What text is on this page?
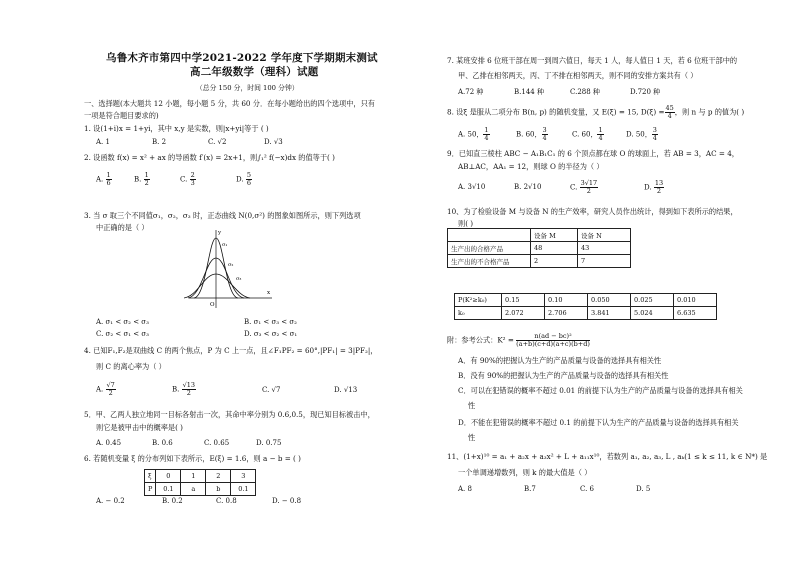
乌鲁木齐市第四中学2021-2022 学年度下学期期末测试
高二年级数学（理科）试题
（总分 150 分，时间 100 分钟）
一、选择题(本大题共 12 小题，每小题 5 分，共 60 分．在每小题给出的四个选项中，只有
一项是符合题目要求的)
1. 设(1+i)x = 1+yi，其中 x,y 是实数，则|x+yi|等于 ( )
A. 1	B. 2	C. √2	D. √3
2. 设函数 f(x) = x² + ax 的导函数 f′(x) = 2x+1，则∫₁² f(−x)dx 的值等于( )
A. $\frac{1}{6}$	B. $\frac{1}{2}$	C. $\frac{2}{3}$	D. $\frac{5}{6}$
3. 当 σ 取三个不同值σ₁，σ₂，σ₃ 时，正态曲线 N(0,σ²) 的图象如图所示，则下列选项
中正确的是（ ）
y
x
O
σ₁
σ₂
σ₃
A. σ₁ < σ₂ < σ₃	B. σ₁ < σ₃ < σ₂
C. σ₂ < σ₁ < σ₃	D. σ₃ < σ₂ < σ₁
4. 已知F₁,F₂是双曲线 C 的两个焦点，P 为 C 上一点，且∠F₁PF₂ = 60°,|PF₁| = 3|PF₂|，
则 C 的离心率为（ ）
A. $\frac{√7}{2}$	B. $\frac{√13}{2}$	C. √7	D. √13
5．甲、乙两人独立地同一目标各射击一次，其命中率分别为 0.6,0.5，现已知目标被击中，
则它是被甲击中的概率是( )
A. 0.45	B. 0.6	C. 0.65	D. 0.75
6. 若随机变量 ξ 的分布列如下表所示，E(ξ) = 1.6，则 a − b = ( )
ξ	0	1	2	3
P	0.1	a	b	0.1
A. − 0.2	B. 0.2	C. 0.8	D. − 0.8
7. 某班安排 6 位班干部在周一到周六值日，每天 1 人，每人值日 1 天，若 6 位班干部中的
甲、乙排在相邻两天，丙、丁不排在相邻两天，则不同的安排方案共有（ ）
A.72 种	B.144 种	C.288 种	D.720 种
8. 设ξ 是服从二项分布 B(n, p) 的随机变量，又 E(ξ) = 15, $D(\xi) = \frac{45}{4}$ ，则 n 与 p 的值为( )
A. 50， $\frac{1}{4}$	B. 60， $\frac{3}{4}$	C. 60， $\frac{1}{4}$	D. 50， $\frac{3}{4}$
9．已知直三棱柱 ABC − A₁B₁C₁ 的 6 个顶点都在球 O 的球面上，若 AB = 3，AC = 4，
AB⊥AC，AA₁ = 12，则球 O 的半径为（ ）
A. 3√10	B. 2√10	C. $\frac{3√17}{2}$	D. $\frac{13}{2}$
10、为了检验设备 M 与设备 N 的生产效率，研究人员作出统计，得到如下表所示的结果，
则( )
	设备 M	设备 N
生产出的合格产品	48	43
生产出的不合格产品	2	7
P(K²≥k₀)	0.15	0.10	0.050	0.025	0.010
k₀	2.072	2.706	3.841	5.024	6.635
附：参考公式：$K^2 = \frac{\text{n(ad − bc)²}}{(a+b)(c+d)(a+c)(b+d)}$
A．有 90%的把握认为生产的产品质量与设备的选择具有相关性
B．没有 90%的把握认为生产的产品质量与设备的选择具有相关性
C．可以在犯错误的概率不超过 0.01 的前提下认为生产的产品质量与设备的选择具有相关
性
D．不能在犯错误的概率不超过 0.1 的前提下认为生产的产品质量与设备的选择具有相关
性
11、(1+x)¹⁰ = a₁ + a₂x + a₃x² + L + a₁₁x¹⁰，若数列 a₁, a₂, a₃, L , aₖ(1 ≤ k ≤ 11, k ∈ N*) 是
一个单调递增数列，则 k 的最大值是（ ）
A. 8	B.7	C. 6	D. 5
